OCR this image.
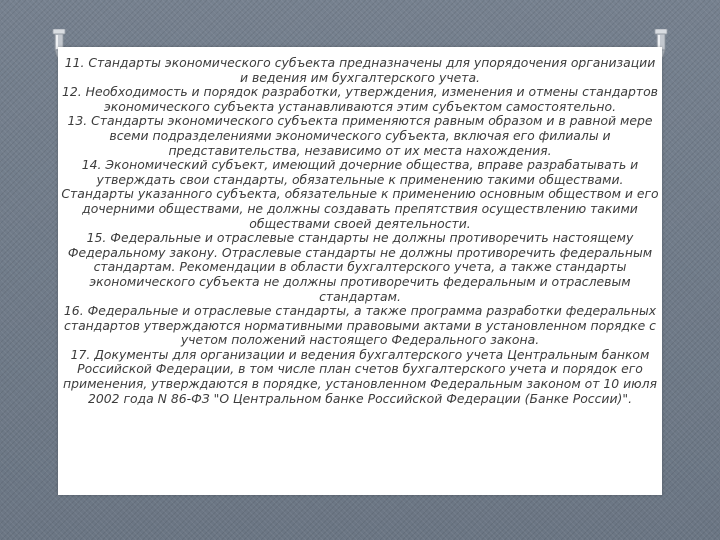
11. Стандарты экономического субъекта предназначены для упорядочения организации и ведения им бухгалтерского учета.

12. Необходимость и порядок разработки, утверждения, изменения и отмены стандартов экономического субъекта устанавливаются этим субъектом самостоятельно.

13. Стандарты экономического субъекта применяются равным образом и в равной мере всеми подразделениями экономического субъекта, включая его филиалы и представительства, независимо от их места нахождения.

14. Экономический субъект, имеющий дочерние общества, вправе разрабатывать и утверждать свои стандарты, обязательные к применению такими обществами. Стандарты указанного субъекта, обязательные к применению основным обществом и его дочерними обществами, не должны создавать препятствия осуществлению такими обществами своей деятельности.

15. Федеральные и отраслевые стандарты не должны противоречить настоящему Федеральному закону. Отраслевые стандарты не должны противоречить федеральным стандартам. Рекомендации в области бухгалтерского учета, а также стандарты экономического субъекта не должны противоречить федеральным и отраслевым стандартам.

16. Федеральные и отраслевые стандарты, а также программа разработки федеральных стандартов утверждаются нормативными правовыми актами в установленном порядке с учетом положений настоящего Федерального закона.

17. Документы для организации и ведения бухгалтерского учета Центральным банком Российской Федерации, в том числе план счетов бухгалтерского учета и порядок его применения, утверждаются в порядке, установленном Федеральным законом от 10 июля 2002 года N 86-ФЗ "О Центральном банке Российской Федерации (Банке России)".
